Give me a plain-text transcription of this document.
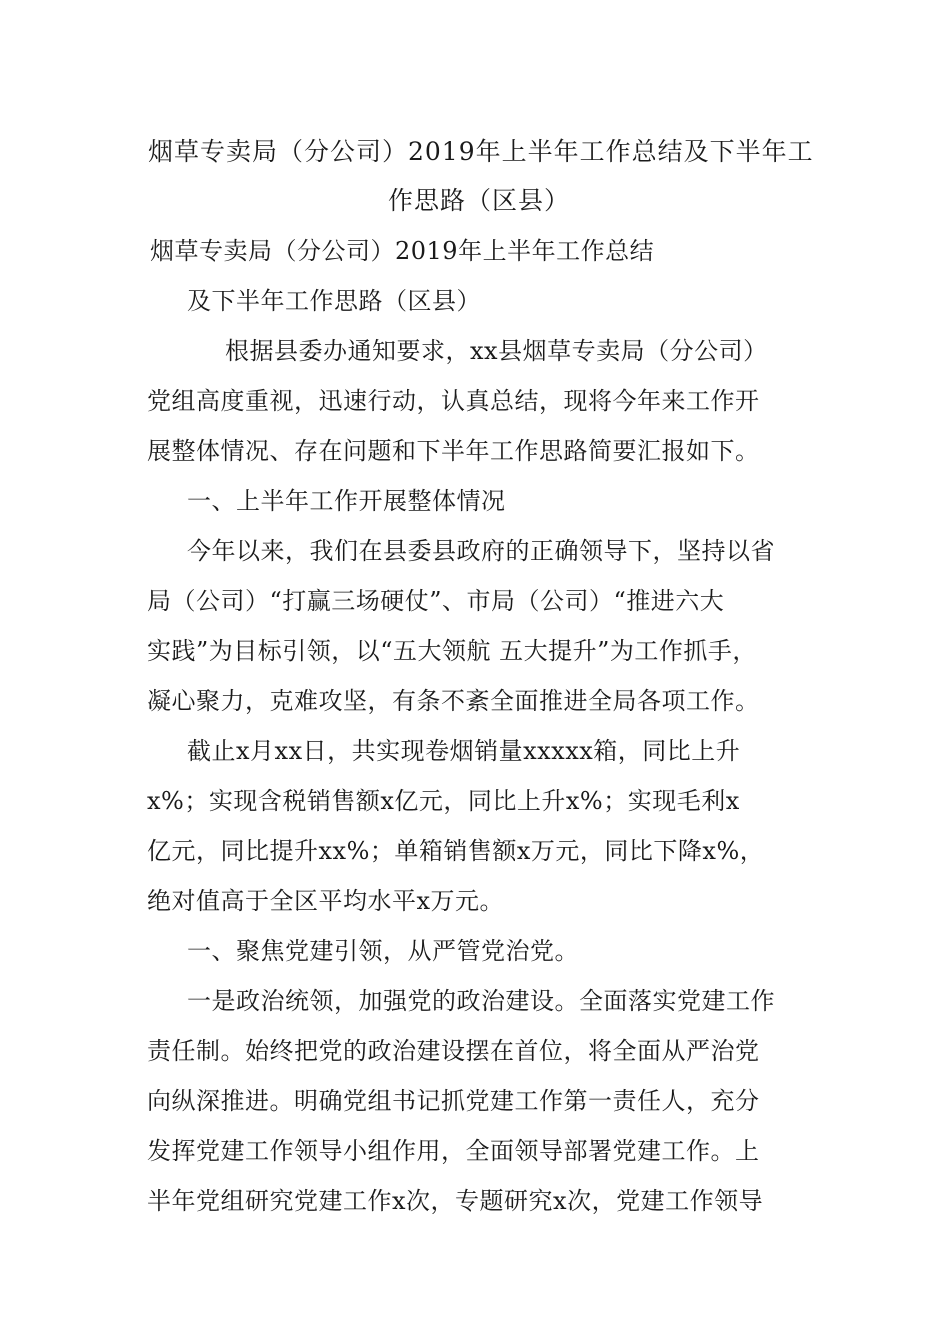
烟草专卖局（分公司）2019年上半年工作总结及下半年工
作思路（区县）
烟草专卖局（分公司）2019年上半年工作总结
及下半年工作思路（区县）
根据县委办通知要求，xx县烟草专卖局（分公司）
党组高度重视，迅速行动，认真总结，现将今年来工作开
展整体情况、存在问题和下半年工作思路简要汇报如下。
一、上半年工作开展整体情况
今年以来，我们在县委县政府的正确领导下，坚持以省
局（公司）“打赢三场硬仗”、市局（公司）“推进六大
实践”为目标引领，以“五大领航 五大提升”为工作抓手，
凝心聚力，克难攻坚，有条不紊全面推进全局各项工作。
截止x月xx日，共实现卷烟销量xxxxx箱，同比上升
x%；实现含税销售额x亿元，同比上升x%；实现毛利x
亿元，同比提升xx%；单箱销售额x万元，同比下降x%，
绝对值高于全区平均水平x万元。
一、聚焦党建引领，从严管党治党。
一是政治统领，加强党的政治建设。全面落实党建工作
责任制。始终把党的政治建设摆在首位，将全面从严治党
向纵深推进。明确党组书记抓党建工作第一责任人，充分
发挥党建工作领导小组作用，全面领导部署党建工作。上
半年党组研究党建工作x次，专题研究x次，党建工作领导
